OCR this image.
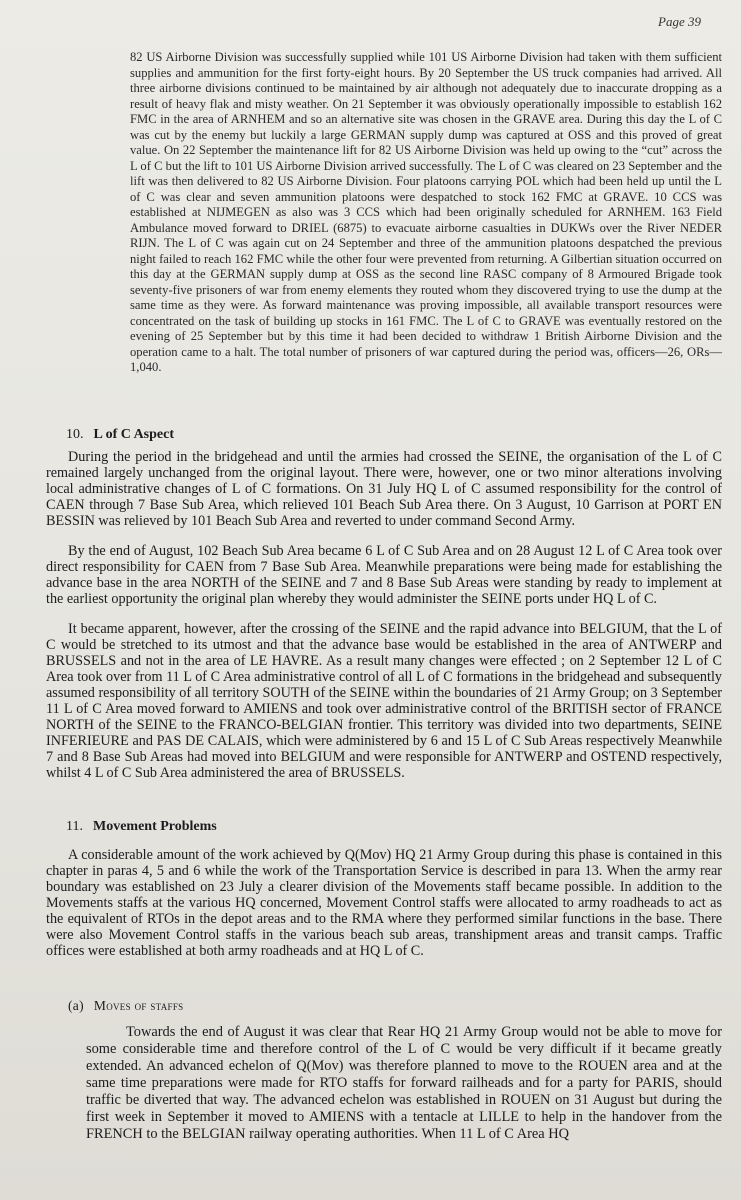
Page 39
82 US Airborne Division was successfully supplied while 101 US Airborne Division had taken with them sufficient supplies and ammunition for the first forty-eight hours. By 20 September the US truck companies had arrived. All three airborne divisions continued to be maintained by air although not adequately due to inaccurate dropping as a result of heavy flak and misty weather. On 21 September it was obviously operationally impossible to establish 162 FMC in the area of ARNHEM and so an alternative site was chosen in the GRAVE area. During this day the L of C was cut by the enemy but luckily a large GERMAN supply dump was captured at OSS and this proved of great value. On 22 September the maintenance lift for 82 US Airborne Division was held up owing to the “cut” across the L of C but the lift to 101 US Airborne Division arrived successfully. The L of C was cleared on 23 September and the lift was then delivered to 82 US Airborne Division. Four platoons carrying POL which had been held up until the L of C was clear and seven ammunition platoons were despatched to stock 162 FMC at GRAVE. 10 CCS was established at NIJMEGEN as also was 3 CCS which had been originally scheduled for ARNHEM. 163 Field Ambulance moved forward to DRIEL (6875) to evacuate airborne casualties in DUKWs over the River NEDER RIJN. The L of C was again cut on 24 September and three of the ammunition platoons despatched the previous night failed to reach 162 FMC while the other four were prevented from returning. A Gilbertian situation occurred on this day at the GERMAN supply dump at OSS as the second line RASC company of 8 Armoured Brigade took seventy-five prisoners of war from enemy elements they routed whom they discovered trying to use the dump at the same time as they were. As forward maintenance was proving impossible, all available transport resources were concentrated on the task of building up stocks in 161 FMC. The L of C to GRAVE was eventually restored on the evening of 25 September but by this time it had been decided to withdraw 1 British Airborne Division and the operation came to a halt. The total number of prisoners of war captured during the period was, officers—26, ORs—1,040.
10. L of C Aspect
During the period in the bridgehead and until the armies had crossed the SEINE, the organisation of the L of C remained largely unchanged from the original layout. There were, however, one or two minor alterations involving local administrative changes of L of C formations. On 31 July HQ L of C assumed responsibility for the control of CAEN through 7 Base Sub Area, which relieved 101 Beach Sub Area there. On 3 August, 10 Garrison at PORT EN BESSIN was relieved by 101 Beach Sub Area and reverted to under command Second Army.
By the end of August, 102 Beach Sub Area became 6 L of C Sub Area and on 28 August 12 L of C Area took over direct responsibility for CAEN from 7 Base Sub Area. Meanwhile preparations were being made for establishing the advance base in the area NORTH of the SEINE and 7 and 8 Base Sub Areas were standing by ready to implement at the earliest opportunity the original plan whereby they would administer the SEINE ports under HQ L of C.
It became apparent, however, after the crossing of the SEINE and the rapid advance into BELGIUM, that the L of C would be stretched to its utmost and that the advance base would be established in the area of ANTWERP and BRUSSELS and not in the area of LE HAVRE. As a result many changes were effected ; on 2 September 12 L of C Area took over from 11 L of C Area administrative control of all L of C formations in the bridgehead and subsequently assumed responsibility of all territory SOUTH of the SEINE within the boundaries of 21 Army Group; on 3 September 11 L of C Area moved forward to AMIENS and took over administrative control of the BRITISH sector of FRANCE NORTH of the SEINE to the FRANCO-BELGIAN frontier. This territory was divided into two departments, SEINE INFERIEURE and PAS DE CALAIS, which were administered by 6 and 15 L of C Sub Areas respectively Meanwhile 7 and 8 Base Sub Areas had moved into BELGIUM and were responsible for ANTWERP and OSTEND respectively, whilst 4 L of C Sub Area administered the area of BRUSSELS.
11. Movement Problems
A considerable amount of the work achieved by Q(Mov) HQ 21 Army Group during this phase is contained in this chapter in paras 4, 5 and 6 while the work of the Transportation Service is described in para 13. When the army rear boundary was established on 23 July a clearer division of the Movements staff became possible. In addition to the Movements staffs at the various HQ concerned, Movement Control staffs were allocated to army roadheads to act as the equivalent of RTOs in the depot areas and to the RMA where they performed similar functions in the base. There were also Movement Control staffs in the various beach sub areas, transhipment areas and transit camps. Traffic offices were established at both army roadheads and at HQ L of C.
(a) Moves of staffs
Towards the end of August it was clear that Rear HQ 21 Army Group would not be able to move for some considerable time and therefore control of the L of C would be very difficult if it became greatly extended. An advanced echelon of Q(Mov) was therefore planned to move to the ROUEN area and at the same time preparations were made for RTO staffs for forward railheads and for a party for PARIS, should traffic be diverted that way. The advanced echelon was established in ROUEN on 31 August but during the first week in September it moved to AMIENS with a tentacle at LILLE to help in the handover from the FRENCH to the BELGIAN railway operating authorities. When 11 L of C Area HQ
